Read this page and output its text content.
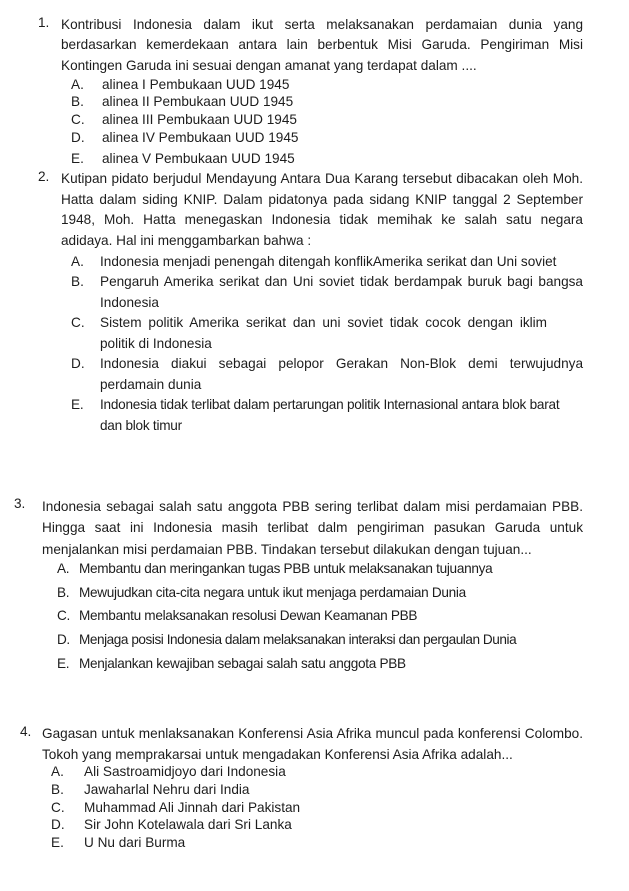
1. Kontribusi Indonesia dalam ikut serta melaksanakan perdamaian dunia yang berdasarkan kemerdekaan antara lain berbentuk Misi Garuda. Pengiriman Misi Kontingen Garuda ini sesuai dengan amanat yang terdapat dalam ....
A. alinea I Pembukaan UUD 1945
B. alinea II Pembukaan UUD 1945
C. alinea III Pembukaan UUD 1945
D. alinea IV Pembukaan UUD 1945
E. alinea V Pembukaan UUD 1945
2. Kutipan pidato berjudul Mendayung Antara Dua Karang tersebut dibacakan oleh Moh. Hatta dalam siding KNIP. Dalam pidatonya pada sidang KNIP tanggal 2 September 1948, Moh. Hatta menegaskan Indonesia tidak memihak ke salah satu negara adidaya. Hal ini menggambarkan bahwa :
A. Indonesia menjadi penengah ditengah konflikAmerika serikat dan Uni soviet
B. Pengaruh Amerika serikat dan Uni soviet tidak berdampak buruk bagi bangsa Indonesia
C. Sistem politik Amerika serikat dan uni soviet tidak cocok dengan iklim politik di Indonesia
D. Indonesia diakui sebagai pelopor Gerakan Non-Blok demi terwujudnya perdamain dunia
E. Indonesia tidak terlibat dalam pertarungan politik Internasional antara blok barat dan blok timur
3. Indonesia sebagai salah satu anggota PBB sering terlibat dalam misi perdamaian PBB. Hingga saat ini Indonesia masih terlibat dalm pengiriman pasukan Garuda untuk menjalankan misi perdamaian PBB. Tindakan tersebut dilakukan dengan tujuan...
A. Membantu dan meringankan tugas PBB untuk melaksanakan tujuannya
B. Mewujudkan cita-cita negara untuk ikut menjaga perdamaian Dunia
C. Membantu melaksanakan resolusi Dewan Keamanan PBB
D. Menjaga posisi Indonesia dalam melaksanakan interaksi dan pergaulan Dunia
E. Menjalankan kewajiban sebagai salah satu anggota PBB
4. Gagasan untuk menlaksanakan Konferensi Asia Afrika muncul pada konferensi Colombo. Tokoh yang memprakarsai untuk mengadakan Konferensi Asia Afrika adalah...
A. Ali Sastroamidjoyo dari Indonesia
B. Jawaharlal Nehru dari India
C. Muhammad Ali Jinnah dari Pakistan
D. Sir John Kotelawala dari Sri Lanka
E. U Nu dari Burma
